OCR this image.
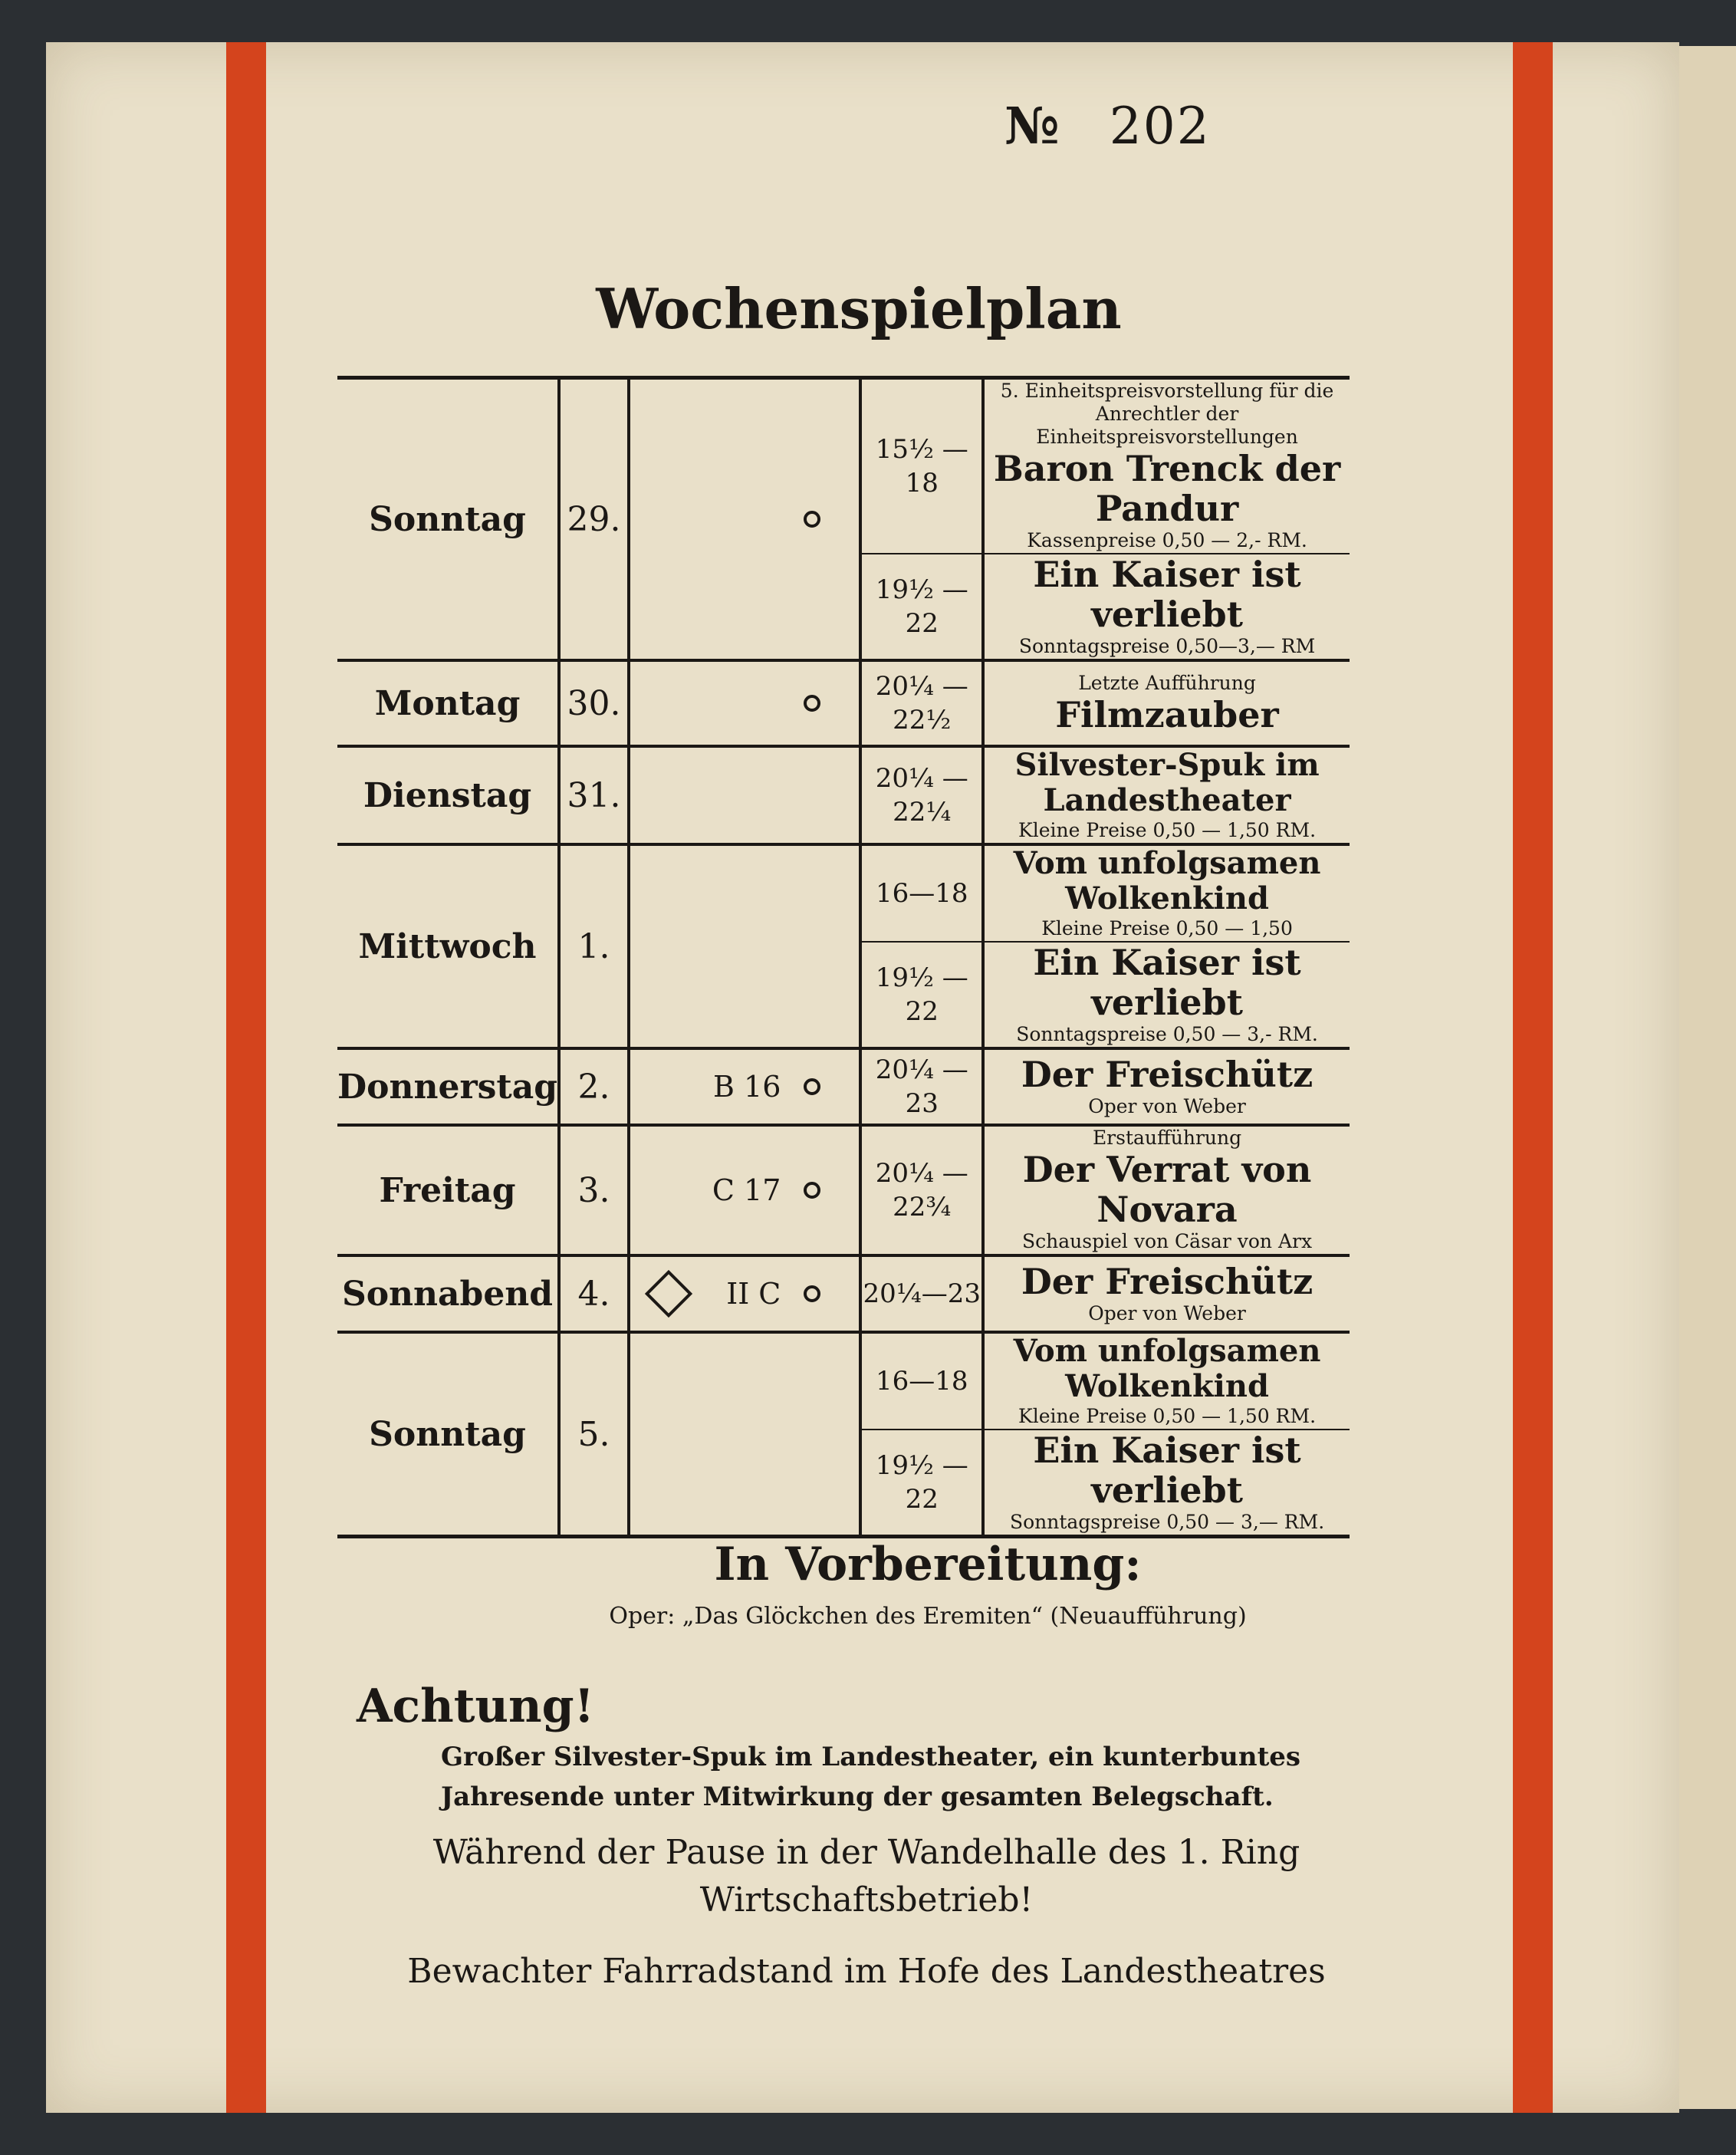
№ 202
Wochenspielplan
Sonntag	29.		15½ — 18	5. Einheitspreisvorstellung für die Anrechtler der Einheitspreisvorstellungen
Baron Trenck der Pandur
Kassenpreise 0,50 — 2,- RM.

			19½ — 22	Ein Kaiser ist verliebt
Sonntagspreise 0,50—3,— RM

Montag	30.		20¼ — 22½	Letzte Aufführung
Filmzauber

Dienstag	31.		20¼ — 22¼	Silvester-Spuk im Landestheater
Kleine Preise 0,50 — 1,50 RM.

Mittwoch	1.		16—18	Vom unfolgsamen Wolkenkind
Kleine Preise 0,50 — 1,50

			19½ — 22	Ein Kaiser ist verliebt
Sonntagspreise 0,50 — 3,- RM.

Donnerstag	2.	B 16	20¼ — 23	Der Freischütz
Oper von Weber

Freitag	3.	C 17	20¼ — 22¾	Erstaufführung
Der Verrat von Novara
Schauspiel von Cäsar von Arx

Sonnabend	4.	II C	20¼—23	Der Freischütz
Oper von Weber

Sonntag	5.		16—18	Vom unfolgsamen Wolkenkind
Kleine Preise 0,50 — 1,50 RM.

			19½ — 22	Ein Kaiser ist verliebt
Sonntagspreise 0,50 — 3,— RM.
In Vorbereitung:
Oper: „Das Glöckchen des Eremiten“ (Neuaufführung)
Achtung!
Großer Silvester-Spuk im Landestheater, ein kunterbuntes Jahresende unter Mitwirkung der gesamten Belegschaft.
Während der Pause in der Wandelhalle des 1. Ring Wirtschaftsbetrieb!
Bewachter Fahrradstand im Hofe des Landestheatres
